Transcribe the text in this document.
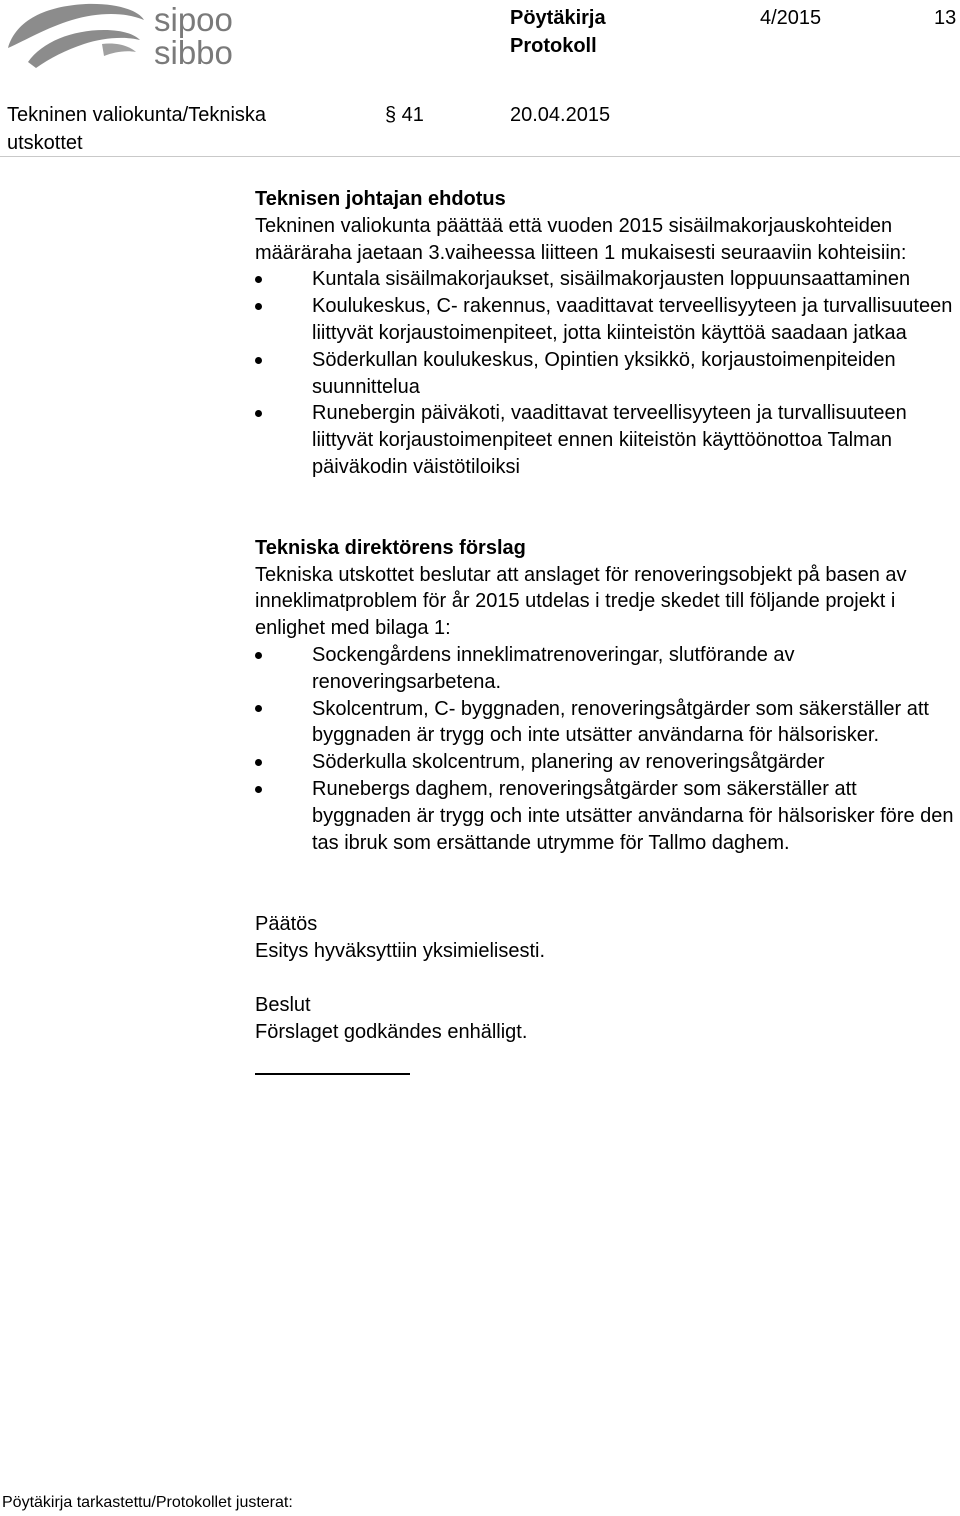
sipoo
sibbo
Pöytäkirja
Protokoll
4/2015	13
Tekninen valiokunta/Tekniska
utskottet
§ 41	20.04.2015

Teknisen johtajan ehdotus

Tekninen valiokunta päättää että vuoden 2015 sisäilmakorjauskohteiden määräraha jaetaan 3.vaiheessa liitteen 1 mukaisesti seuraaviin kohteisiin:

Kuntala sisäilmakorjaukset, sisäilmakorjausten loppuunsaattaminen
Koulukeskus, C- rakennus, vaadittavat terveellisyyteen ja turvallisuuteen liittyvät korjaustoimenpiteet, jotta kiinteistön käyttöä saadaan jatkaa
Söderkullan koulukeskus, Opintien yksikkö, korjaustoimenpiteiden suunnittelua
Runebergin päiväkoti, vaadittavat terveellisyyteen ja turvallisuuteen liittyvät korjaustoimenpiteet ennen kiiteistön käyttöönottoa Talman päiväkodin väistötiloiksi

Tekniska direktörens förslag

Tekniska utskottet beslutar att anslaget för renoveringsobjekt på basen av inneklimatproblem för år 2015 utdelas i tredje skedet till följande projekt i enlighet med bilaga 1:

Sockengårdens inneklimatrenoveringar, slutförande av renoveringsarbetena.
Skolcentrum, C- byggnaden, renoveringsåtgärder som säkerställer att byggnaden är trygg och inte utsätter användarna för hälsorisker.
Söderkulla skolcentrum, planering av renoveringsåtgärder
Runebergs daghem, renoveringsåtgärder som säkerställer att byggnaden är trygg och inte utsätter användarna för hälsorisker före den tas ibruk som ersättande utrymme för Tallmo daghem.

Päätös

Esitys hyväksyttiin yksimielisesti.

Beslut

Förslaget godkändes enhälligt.

Pöytäkirja tarkastettu/Protokollet justerat:
